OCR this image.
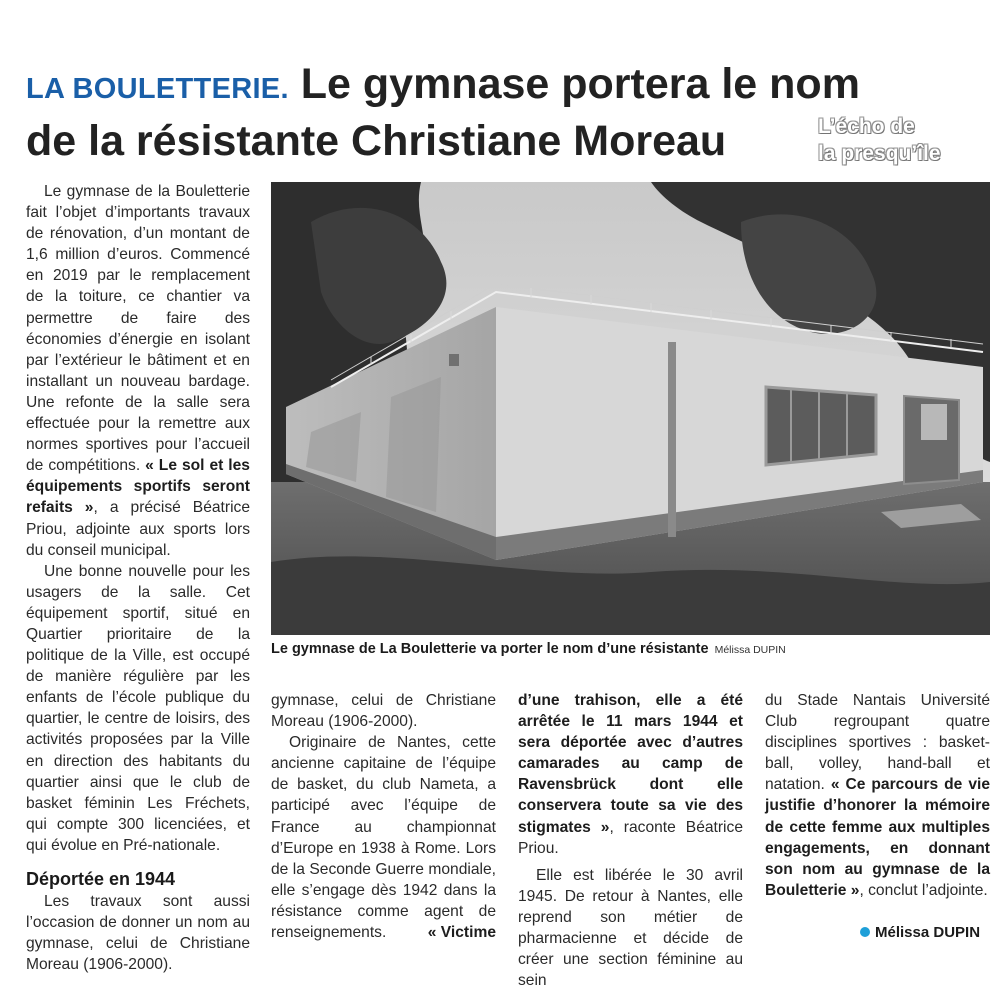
LA BOULETTERIE. Le gymnase portera le nom
de la résistante Christiane Moreau	L’écho de
la presqu’île

Le gymnase de la Bouletterie fait l’objet d’importants travaux de rénovation, d’un montant de 1,6 million d’euros. Commencé en 2019 par le remplacement de la toiture, ce chantier va permettre de faire des économies d’énergie en isolant par l’extérieur le bâtiment et en installant un nouveau bardage. Une refonte de la salle sera effectuée pour la remettre aux normes sportives pour l’accueil de compétitions. « Le sol et les équipements sportifs seront refaits », a précisé Béatrice Priou, adjointe aux sports lors du conseil municipal.

Une bonne nouvelle pour les usagers de la salle. Cet équipement sportif, situé en Quartier prioritaire de la politique de la Ville, est occupé de manière régulière par les enfants de l’école publique du quartier, le centre de loisirs, des activités proposées par la Ville en direction des habitants du quartier ainsi que le club de basket féminin Les Fréchets, qui compte 300 licenciées, et qui évolue en Pré-nationale.

Déportée en 1944

Les travaux sont aussi l’occasion de donner un nom au gymnase, celui de Christiane Moreau (1906-2000).

Le gymnase de La Bouletterie va porter le nom d’une résistante Mélissa DUPIN

gymnase, celui de Christiane Moreau (1906-2000).

Originaire de Nantes, cette ancienne capitaine de l’équipe de basket, du club Nameta, a participé avec l’équipe de France au championnat d’Europe en 1938 à Rome. Lors de la Seconde Guerre mondiale, elle s’engage dès 1942 dans la résistance comme agent de renseignements.	« Victime

d’une trahison, elle a été arrêtée le 11 mars 1944 et sera déportée avec d’autres camarades au camp de Ravensbrück dont elle conservera toute sa vie des stigmates », raconte Béatrice Priou.

Elle est libérée le 30 avril 1945. De retour à Nantes, elle reprend son métier de pharmacienne et décide de créer une section féminine au sein

du Stade Nantais Université Club regroupant quatre disciplines sportives : basket-ball, volley, hand-ball et natation. « Ce parcours de vie justifie d’honorer la mémoire de cette femme aux multiples engagements, en donnant son nom au gymnase de la Bouletterie », conclut l’adjointe.

Mélissa DUPIN
